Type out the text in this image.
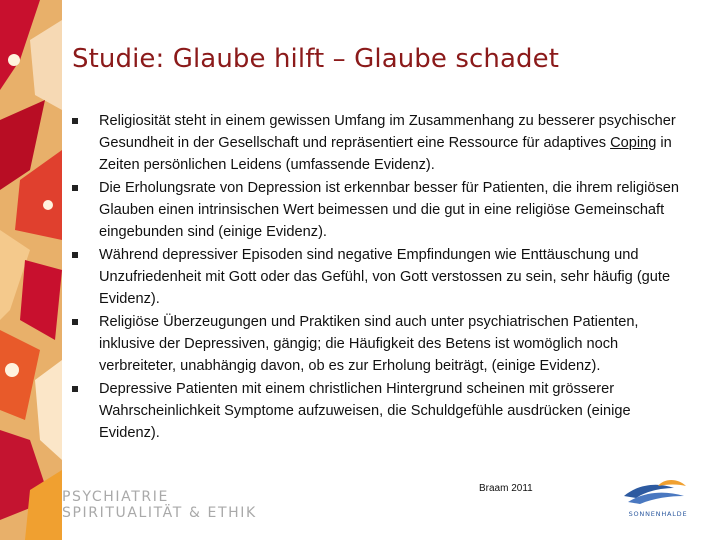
Studie: Glaube hilft – Glaube schadet
Religiosität steht in einem gewissen Umfang im Zusammenhang zu besserer psychischer Gesundheit in der Gesellschaft und repräsentiert eine Ressource für adaptives Coping in Zeiten persönlichen Leidens (umfassende Evidenz).
Die Erholungsrate von Depression ist erkennbar besser für Patienten, die ihrem religiösen Glauben einen intrinsischen Wert beimessen und die gut in eine religiöse Gemeinschaft eingebunden sind (einige Evidenz).
Während depressiver Episoden sind negative Empfindungen wie Enttäuschung und Unzufriedenheit mit Gott oder das Gefühl, von Gott verstossen zu sein, sehr häufig (gute Evidenz).
Religiöse Überzeugungen und Praktiken sind auch unter psychiatrischen Patienten, inklusive der Depressiven, gängig; die Häufigkeit des Betens ist womöglich noch verbreiteter, unabhängig davon, ob es zur Erholung beiträgt, (einige Evidenz).
Depressive Patienten mit einem christlichen Hintergrund scheinen mit grösserer Wahrscheinlichkeit Symptome aufzuweisen, die Schuldgefühle ausdrücken (einige Evidenz).
Braam 2011
PSYCHIATRIE
SPIRITUALITÄT & ETHIK	SONNENHALDE
